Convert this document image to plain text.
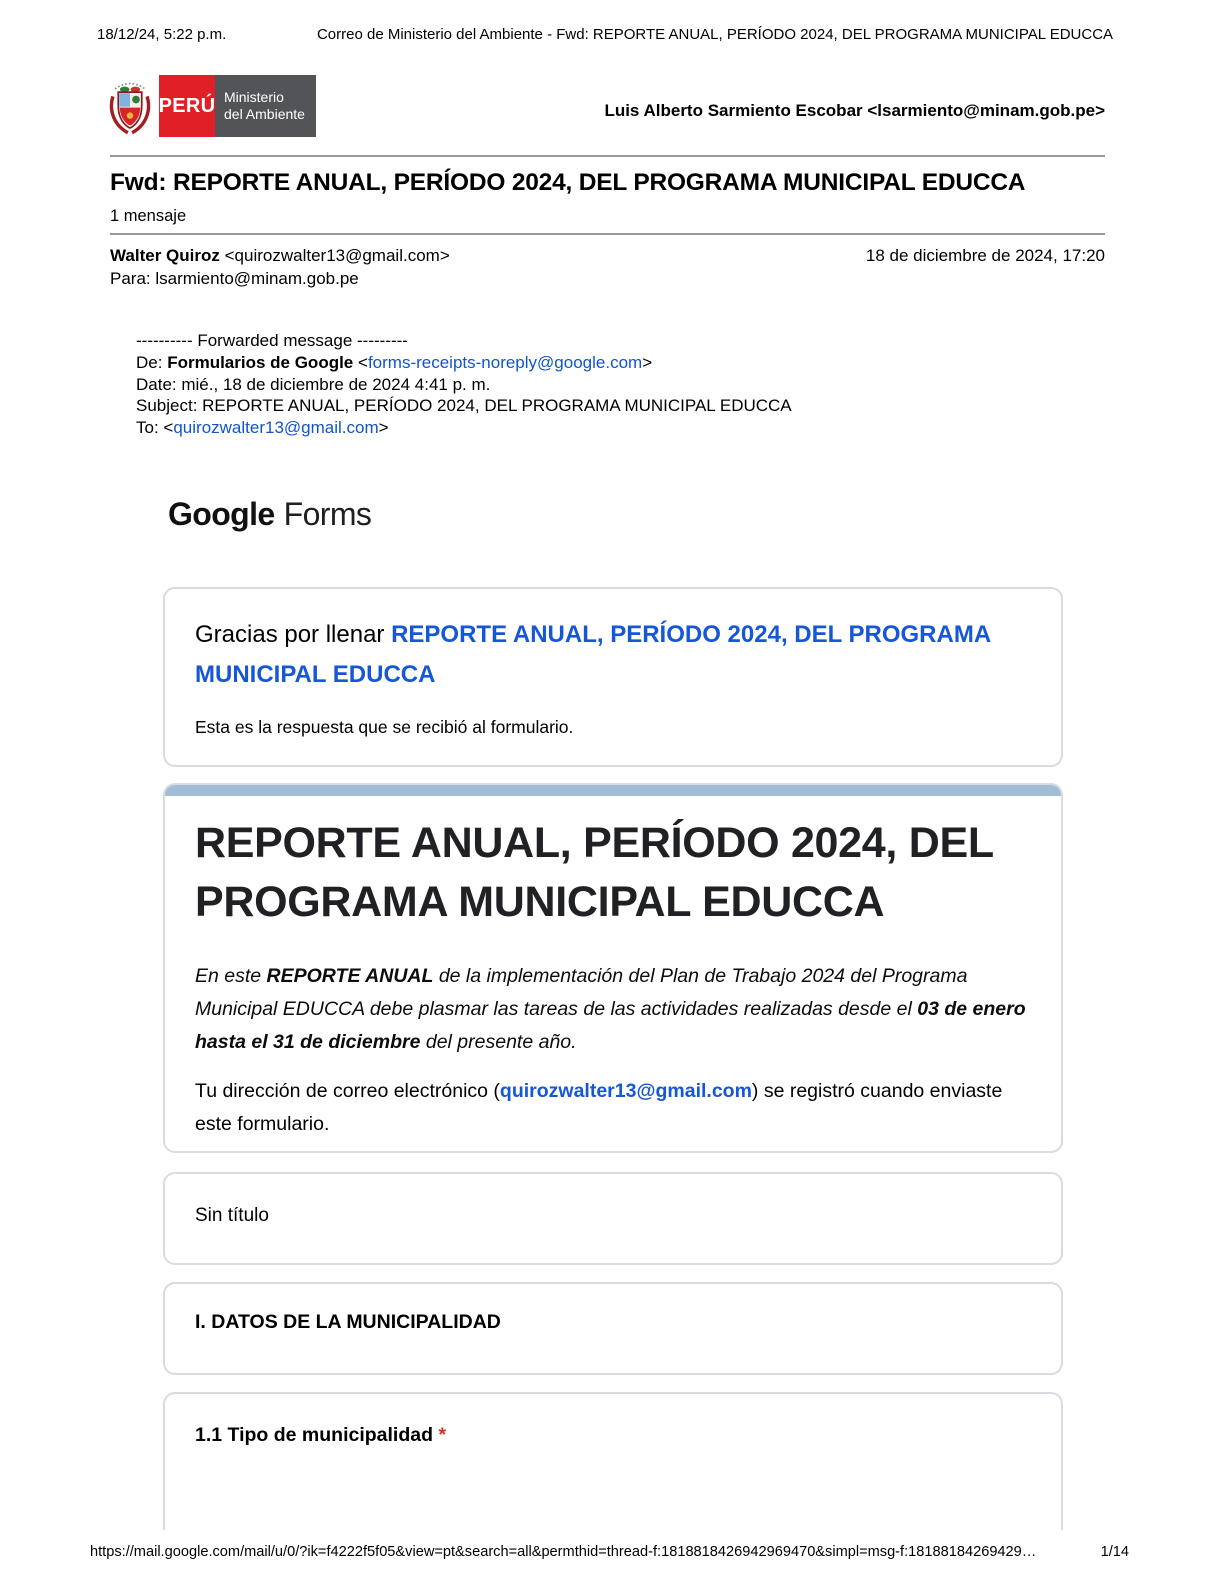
18/12/24, 5:22 p.m.	Correo de Ministerio del Ambiente - Fwd: REPORTE ANUAL, PERÍODO 2024, DEL PROGRAMA MUNICIPAL EDUCCA
PERÚ Ministerio
del Ambiente	Luis Alberto Sarmiento Escobar <lsarmiento@minam.gob.pe>
Fwd: REPORTE ANUAL, PERÍODO 2024, DEL PROGRAMA MUNICIPAL EDUCCA
1 mensaje
Walter Quiroz <quirozwalter13@gmail.com>	18 de diciembre de 2024, 17:20
Para: lsarmiento@minam.gob.pe
---------- Forwarded message ---------
De: Formularios de Google <forms-receipts-noreply@google.com>
Date: mié., 18 de diciembre de 2024 4:41 p. m.
Subject: REPORTE ANUAL, PERÍODO 2024, DEL PROGRAMA MUNICIPAL EDUCCA
To: <quirozwalter13@gmail.com>
Google Forms

Gracias por llenar REPORTE ANUAL, PERÍODO 2024, DEL PROGRAMA MUNICIPAL EDUCCA

Esta es la respuesta que se recibió al formulario.

REPORTE ANUAL, PERÍODO 2024, DEL PROGRAMA MUNICIPAL EDUCCA

En este REPORTE ANUAL de la implementación del Plan de Trabajo 2024 del Programa Municipal EDUCCA debe plasmar las tareas de las actividades realizadas desde el 03 de enero hasta el 31 de diciembre del presente año.

Tu dirección de correo electrónico (quirozwalter13@gmail.com) se registró cuando enviaste este formulario.

Sin título
I. DATOS DE LA MUNICIPALIDAD
1.1 Tipo de municipalidad *
https://mail.google.com/mail/u/0/?ik=f4222f5f05&view=pt&search=all&permthid=thread-f:1818818426942969470&simpl=msg-f:18188184269429…	1/14
